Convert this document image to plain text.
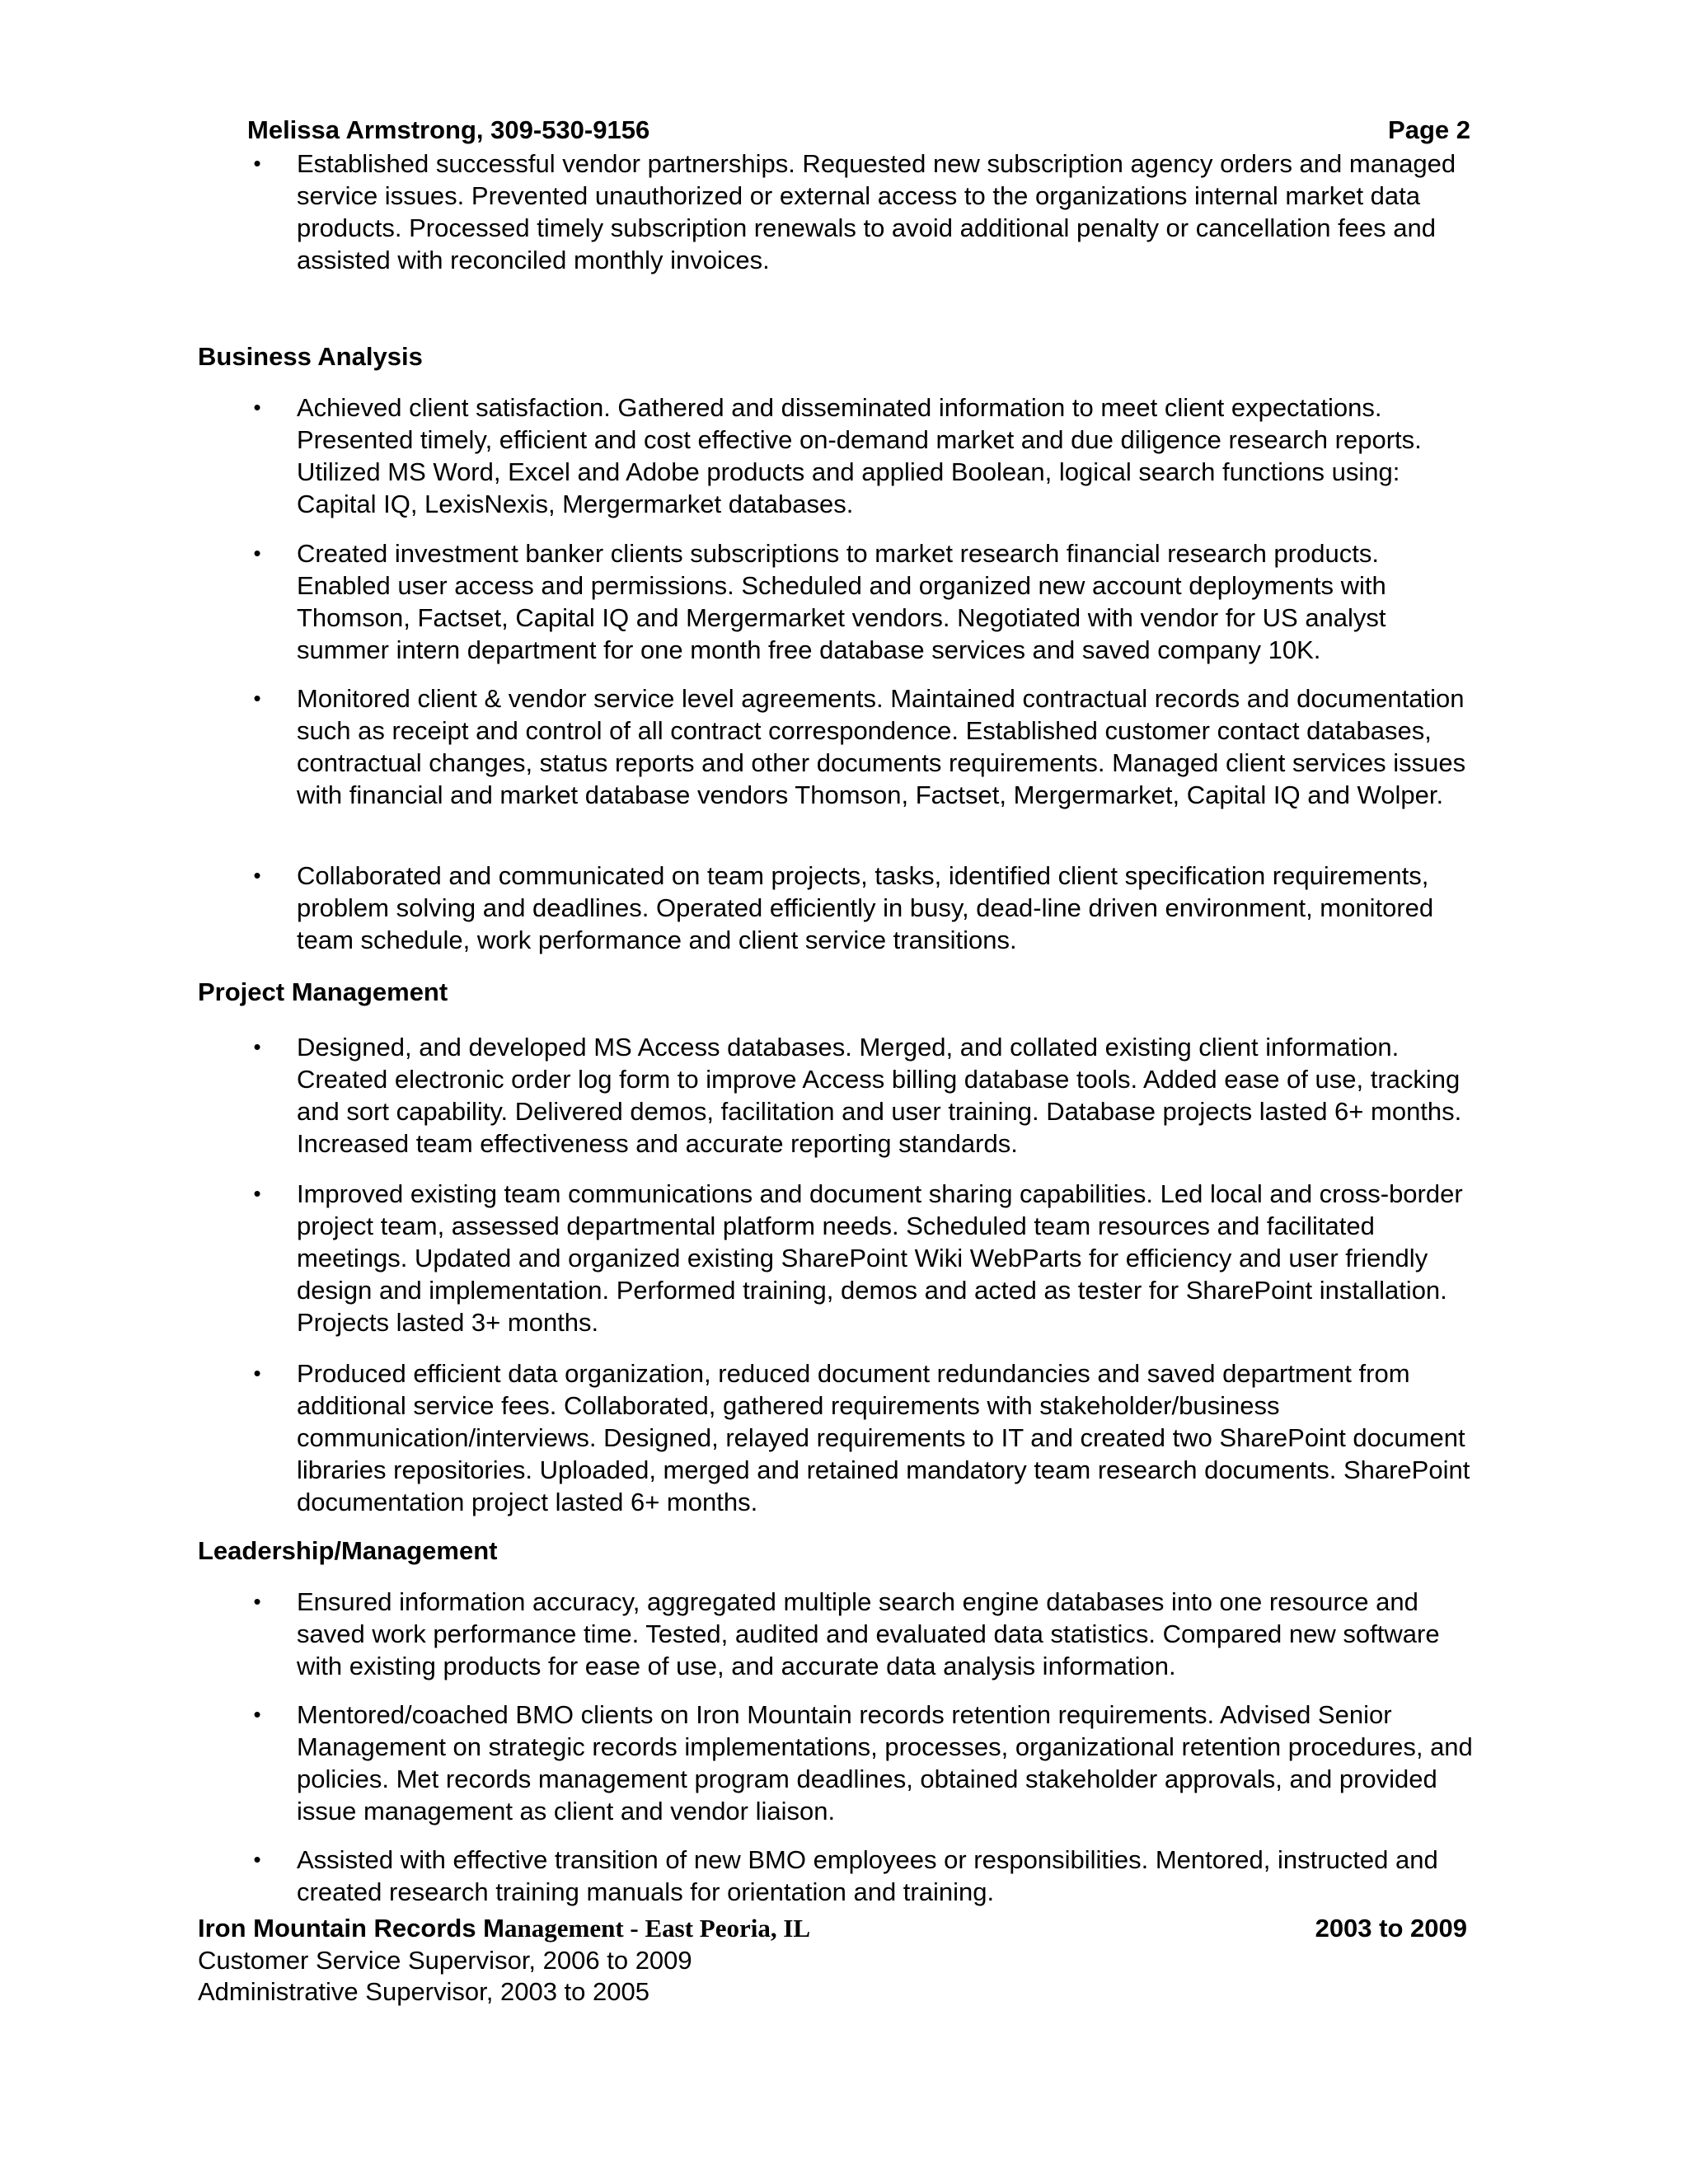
Melissa Armstrong, 309-530-9156	Page 2
• Established successful vendor partnerships. Requested new subscription agency orders and managed service issues. Prevented unauthorized or external access to the organizations internal market data products. Processed timely subscription renewals to avoid additional penalty or cancellation fees and assisted with reconciled monthly invoices.
Business Analysis
• Achieved client satisfaction. Gathered and disseminated information to meet client expectations. Presented timely, efficient and cost effective on-demand market and due diligence research reports. Utilized MS Word, Excel and Adobe products and applied Boolean, logical search functions using: Capital IQ, LexisNexis, Mergermarket databases.
• Created investment banker clients subscriptions to market research financial research products. Enabled user access and permissions. Scheduled and organized new account deployments with Thomson, Factset, Capital IQ and Mergermarket vendors. Negotiated with vendor for US analyst summer intern department for one month free database services and saved company 10K.
• Monitored client & vendor service level agreements. Maintained contractual records and documentation such as receipt and control of all contract correspondence. Established customer contact databases, contractual changes, status reports and other documents requirements. Managed client services issues with financial and market database vendors Thomson, Factset, Mergermarket, Capital IQ and Wolper.
• Collaborated and communicated on team projects, tasks, identified client specification requirements, problem solving and deadlines. Operated efficiently in busy, dead-line driven environment, monitored team schedule, work performance and client service transitions.
Project Management
• Designed, and developed MS Access databases. Merged, and collated existing client information. Created electronic order log form to improve Access billing database tools. Added ease of use, tracking and sort capability. Delivered demos, facilitation and user training. Database projects lasted 6+ months. Increased team effectiveness and accurate reporting standards.
• Improved existing team communications and document sharing capabilities. Led local and cross-border project team, assessed departmental platform needs. Scheduled team resources and facilitated meetings. Updated and organized existing SharePoint Wiki WebParts for efficiency and user friendly design and implementation. Performed training, demos and acted as tester for SharePoint installation. Projects lasted 3+ months.
• Produced efficient data organization, reduced document redundancies and saved department from additional service fees. Collaborated, gathered requirements with stakeholder/business communication/interviews. Designed, relayed requirements to IT and created two SharePoint document libraries repositories. Uploaded, merged and retained mandatory team research documents. SharePoint documentation project lasted 6+ months.
Leadership/Management
• Ensured information accuracy, aggregated multiple search engine databases into one resource and saved work performance time. Tested, audited and evaluated data statistics. Compared new software with existing products for ease of use, and accurate data analysis information.
• Mentored/coached BMO clients on Iron Mountain records retention requirements. Advised Senior Management on strategic records implementations, processes, organizational retention procedures, and policies. Met records management program deadlines, obtained stakeholder approvals, and provided issue management as client and vendor liaison.
• Assisted with effective transition of new BMO employees or responsibilities. Mentored, instructed and created research training manuals for orientation and training.
Iron Mountain Records Management - East Peoria, IL	2003 to 2009
Customer Service Supervisor, 2006 to 2009
Administrative Supervisor, 2003 to 2005
